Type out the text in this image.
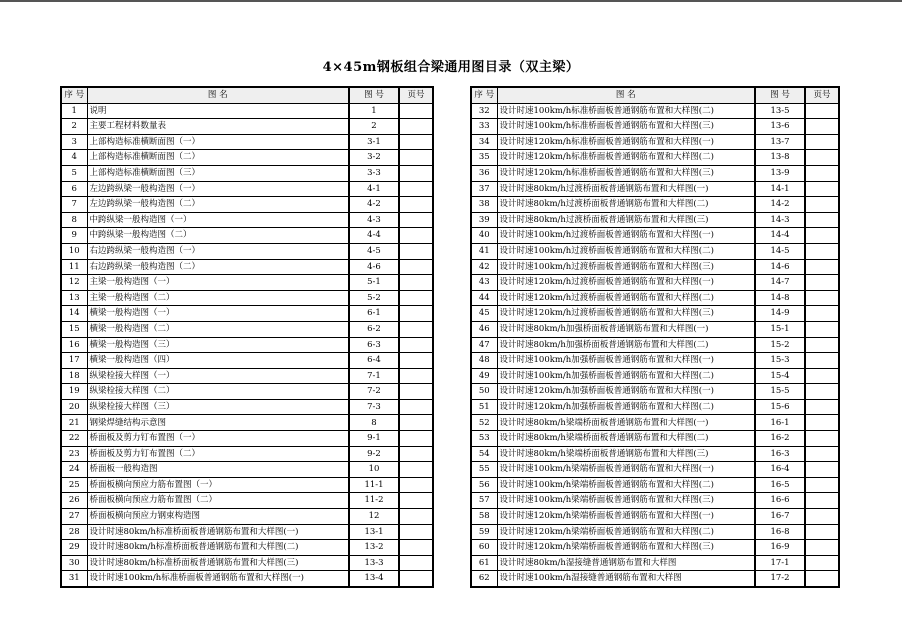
4×45m钢板组合梁通用图目录（双主梁）
序 号	图 名	图 号	页号
1	说明	1	
2	主要工程材料数量表	2	
3	上部构造标准横断面图（一）	3-1	
4	上部构造标准横断面图（二）	3-2	
5	上部构造标准横断面图（三）	3-3	
6	左边跨纵梁一般构造图（一）	4-1	
7	左边跨纵梁一般构造图（二）	4-2	
8	中跨纵梁一般构造图（一）	4-3	
9	中跨纵梁一般构造图（二）	4-4	
10	右边跨纵梁一般构造图（一）	4-5	
11	右边跨纵梁一般构造图（二）	4-6	
12	主梁一般构造图（一）	5-1	
13	主梁一般构造图（二）	5-2	
14	横梁一般构造图（一）	6-1	
15	横梁一般构造图（二）	6-2	
16	横梁一般构造图（三）	6-3	
17	横梁一般构造图（四）	6-4	
18	纵梁栓接大样图（一）	7-1	
19	纵梁栓接大样图（二）	7-2	
20	纵梁栓接大样图（三）	7-3	
21	钢梁焊缝结构示意图	8	
22	桥面板及剪力钉布置图（一）	9-1	
23	桥面板及剪力钉布置图（二）	9-2	
24	桥面板一般构造图	10	
25	桥面板横向预应力筋布置图（一）	11-1	
26	桥面板横向预应力筋布置图（二）	11-2	
27	桥面板横向预应力钢束构造图	12	
28	设计时速80km/h标准桥面板普通钢筋布置和大样图(一)	13-1	
29	设计时速80km/h标准桥面板普通钢筋布置和大样图(二)	13-2	
30	设计时速80km/h标准桥面板普通钢筋布置和大样图(三)	13-3	
31	设计时速100km/h标准桥面板普通钢筋布置和大样图(一)	13-4	
序 号	图 名	图 号	页号
32	设计时速100km/h标准桥面板普通钢筋布置和大样图(二)	13-5	
33	设计时速100km/h标准桥面板普通钢筋布置和大样图(三)	13-6	
34	设计时速120km/h标准桥面板普通钢筋布置和大样图(一)	13-7	
35	设计时速120km/h标准桥面板普通钢筋布置和大样图(二)	13-8	
36	设计时速120km/h标准桥面板普通钢筋布置和大样图(三)	13-9	
37	设计时速80km/h过渡桥面板普通钢筋布置和大样图(一)	14-1	
38	设计时速80km/h过渡桥面板普通钢筋布置和大样图(二)	14-2	
39	设计时速80km/h过渡桥面板普通钢筋布置和大样图(三)	14-3	
40	设计时速100km/h过渡桥面板普通钢筋布置和大样图(一)	14-4	
41	设计时速100km/h过渡桥面板普通钢筋布置和大样图(二)	14-5	
42	设计时速100km/h过渡桥面板普通钢筋布置和大样图(三)	14-6	
43	设计时速120km/h过渡桥面板普通钢筋布置和大样图(一)	14-7	
44	设计时速120km/h过渡桥面板普通钢筋布置和大样图(二)	14-8	
45	设计时速120km/h过渡桥面板普通钢筋布置和大样图(三)	14-9	
46	设计时速80km/h加强桥面板普通钢筋布置和大样图(一)	15-1	
47	设计时速80km/h加强桥面板普通钢筋布置和大样图(二)	15-2	
48	设计时速100km/h加强桥面板普通钢筋布置和大样图(一)	15-3	
49	设计时速100km/h加强桥面板普通钢筋布置和大样图(二)	15-4	
50	设计时速120km/h加强桥面板普通钢筋布置和大样图(一)	15-5	
51	设计时速120km/h加强桥面板普通钢筋布置和大样图(二)	15-6	
52	设计时速80km/h梁端桥面板普通钢筋布置和大样图(一)	16-1	
53	设计时速80km/h梁端桥面板普通钢筋布置和大样图(二)	16-2	
54	设计时速80km/h梁端桥面板普通钢筋布置和大样图(三)	16-3	
55	设计时速100km/h梁端桥面板普通钢筋布置和大样图(一)	16-4	
56	设计时速100km/h梁端桥面板普通钢筋布置和大样图(二)	16-5	
57	设计时速100km/h梁端桥面板普通钢筋布置和大样图(三)	16-6	
58	设计时速120km/h梁端桥面板普通钢筋布置和大样图(一)	16-7	
59	设计时速120km/h梁端桥面板普通钢筋布置和大样图(二)	16-8	
60	设计时速120km/h梁端桥面板普通钢筋布置和大样图(三)	16-9	
61	设计时速80km/h湿接缝普通钢筋布置和大样图	17-1	
62	设计时速100km/h湿接缝普通钢筋布置和大样图	17-2	
